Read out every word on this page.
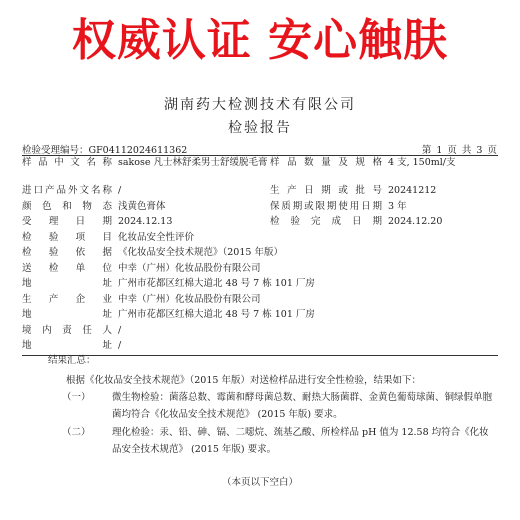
权威认证 安心触肤
湖南药大检测技术有限公司
检验报告
检验受理编号：GF04112024611362	第 1 页 共 3 页
样品中文名称	sakose 凡士林舒柔男士舒缓脱毛膏	样品数量及规格	4 支, 150ml/支
进口产品外文名称	/	生产日期或批号	20241212
颜色和物态	浅黄色膏体	保质期或限期使用日期	3 年
受理日期	2024.12.13	检验完成日期	2024.12.20
检验项目	化妆品安全性评价		
检验依据	《化妆品安全技术规范》（2015 年版）		
送检单位	中幸（广州）化妆品股份有限公司		
地址	广州市花都区红棉大道北 48 号 7 栋 101 厂房		
生产企业	中幸（广州）化妆品股份有限公司		
地址	广州市花都区红棉大道北 48 号 7 栋 101 厂房		
境内责任人	/		
地址	/		
结果汇总：
根据《化妆品安全技术规范》（2015 年版）对送检样品进行安全性检验，结果如下：
（一）	微生物检验：菌落总数、霉菌和酵母菌总数、耐热大肠菌群、金黄色葡萄球菌、铜绿假单胞菌均符合《化妆品安全技术规范》 (2015 年版) 要求。
（二）	理化检验：汞、铅、砷、镉、二噁烷、巯基乙酸、所检样品 pH 值为 12.58 均符合《化妆品安全技术规范》 (2015 年版) 要求。
（本页以下空白）
